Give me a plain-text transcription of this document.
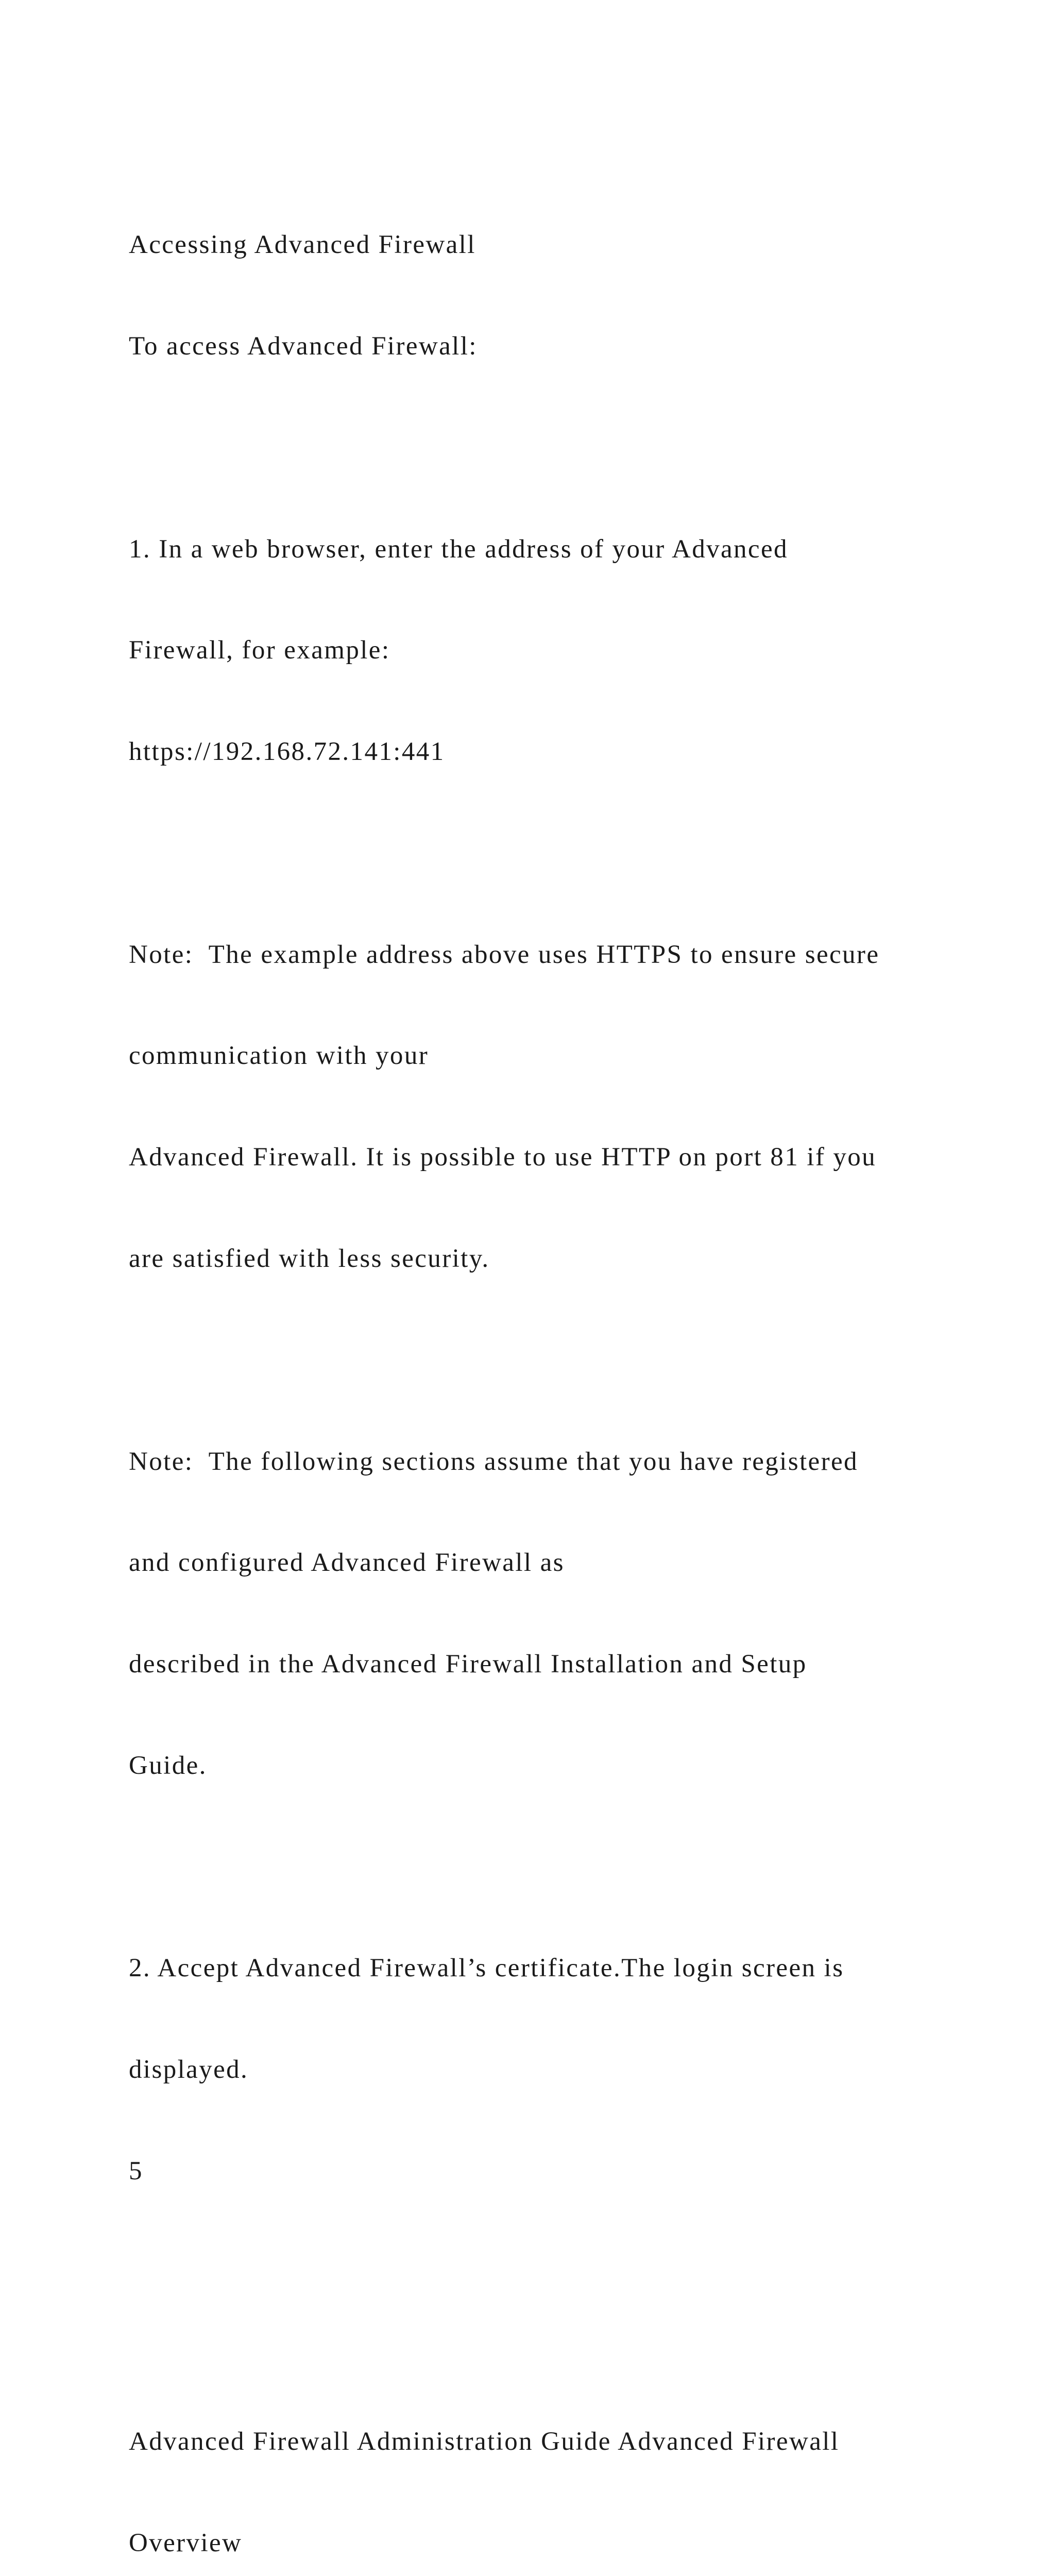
Accessing Advanced Firewall

To access Advanced Firewall:

1. In a web browser, enter the address of your Advanced

Firewall, for example:

https://192.168.72.141:441

Note:  The example address above uses HTTPS to ensure secure

communication with your

Advanced Firewall. It is possible to use HTTP on port 81 if you

are satisfied with less security.

Note:  The following sections assume that you have registered

and configured Advanced Firewall as

described in the Advanced Firewall Installation and Setup

Guide.

2. Accept Advanced Firewall’s certificate.The login screen is

displayed.

5

Advanced Firewall Administration Guide Advanced Firewall

Overview
